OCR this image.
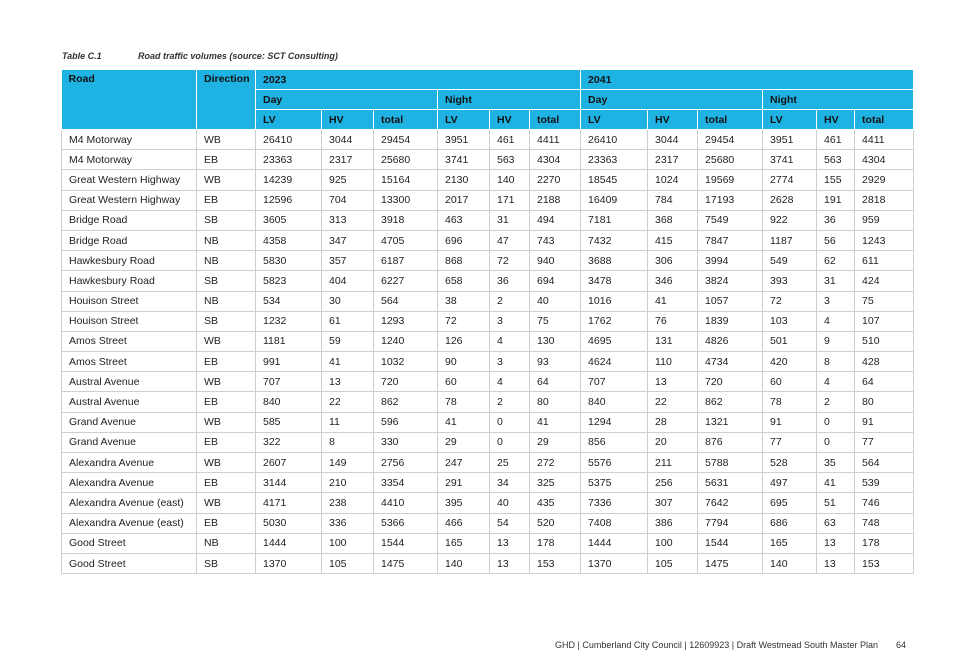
Table C.1	Road traffic volumes (source: SCT Consulting)
Road	Direction	2023						2041					
		Day			Night			Day			Night		
		LV	HV	total	LV	HV	total	LV	HV	total	LV	HV	total
M4 Motorway	WB	26410	3044	29454	3951	461	4411	26410	3044	29454	3951	461	4411
M4 Motorway	EB	23363	2317	25680	3741	563	4304	23363	2317	25680	3741	563	4304
Great Western Highway	WB	14239	925	15164	2130	140	2270	18545	1024	19569	2774	155	2929
Great Western Highway	EB	12596	704	13300	2017	171	2188	16409	784	17193	2628	191	2818
Bridge Road	SB	3605	313	3918	463	31	494	7181	368	7549	922	36	959
Bridge Road	NB	4358	347	4705	696	47	743	7432	415	7847	1187	56	1243
Hawkesbury Road	NB	5830	357	6187	868	72	940	3688	306	3994	549	62	611
Hawkesbury Road	SB	5823	404	6227	658	36	694	3478	346	3824	393	31	424
Houison Street	NB	534	30	564	38	2	40	1016	41	1057	72	3	75
Houison Street	SB	1232	61	1293	72	3	75	1762	76	1839	103	4	107
Amos Street	WB	1181	59	1240	126	4	130	4695	131	4826	501	9	510
Amos Street	EB	991	41	1032	90	3	93	4624	110	4734	420	8	428
Austral Avenue	WB	707	13	720	60	4	64	707	13	720	60	4	64
Austral Avenue	EB	840	22	862	78	2	80	840	22	862	78	2	80
Grand Avenue	WB	585	11	596	41	0	41	1294	28	1321	91	0	91
Grand Avenue	EB	322	8	330	29	0	29	856	20	876	77	0	77
Alexandra Avenue	WB	2607	149	2756	247	25	272	5576	211	5788	528	35	564
Alexandra Avenue	EB	3144	210	3354	291	34	325	5375	256	5631	497	41	539
Alexandra Avenue (east)	WB	4171	238	4410	395	40	435	7336	307	7642	695	51	746
Alexandra Avenue (east)	EB	5030	336	5366	466	54	520	7408	386	7794	686	63	748
Good Street	NB	1444	100	1544	165	13	178	1444	100	1544	165	13	178
Good Street	SB	1370	105	1475	140	13	153	1370	105	1475	140	13	153
GHD | Cumberland City Council | 12609923 | Draft Westmead South Master Plan 64
